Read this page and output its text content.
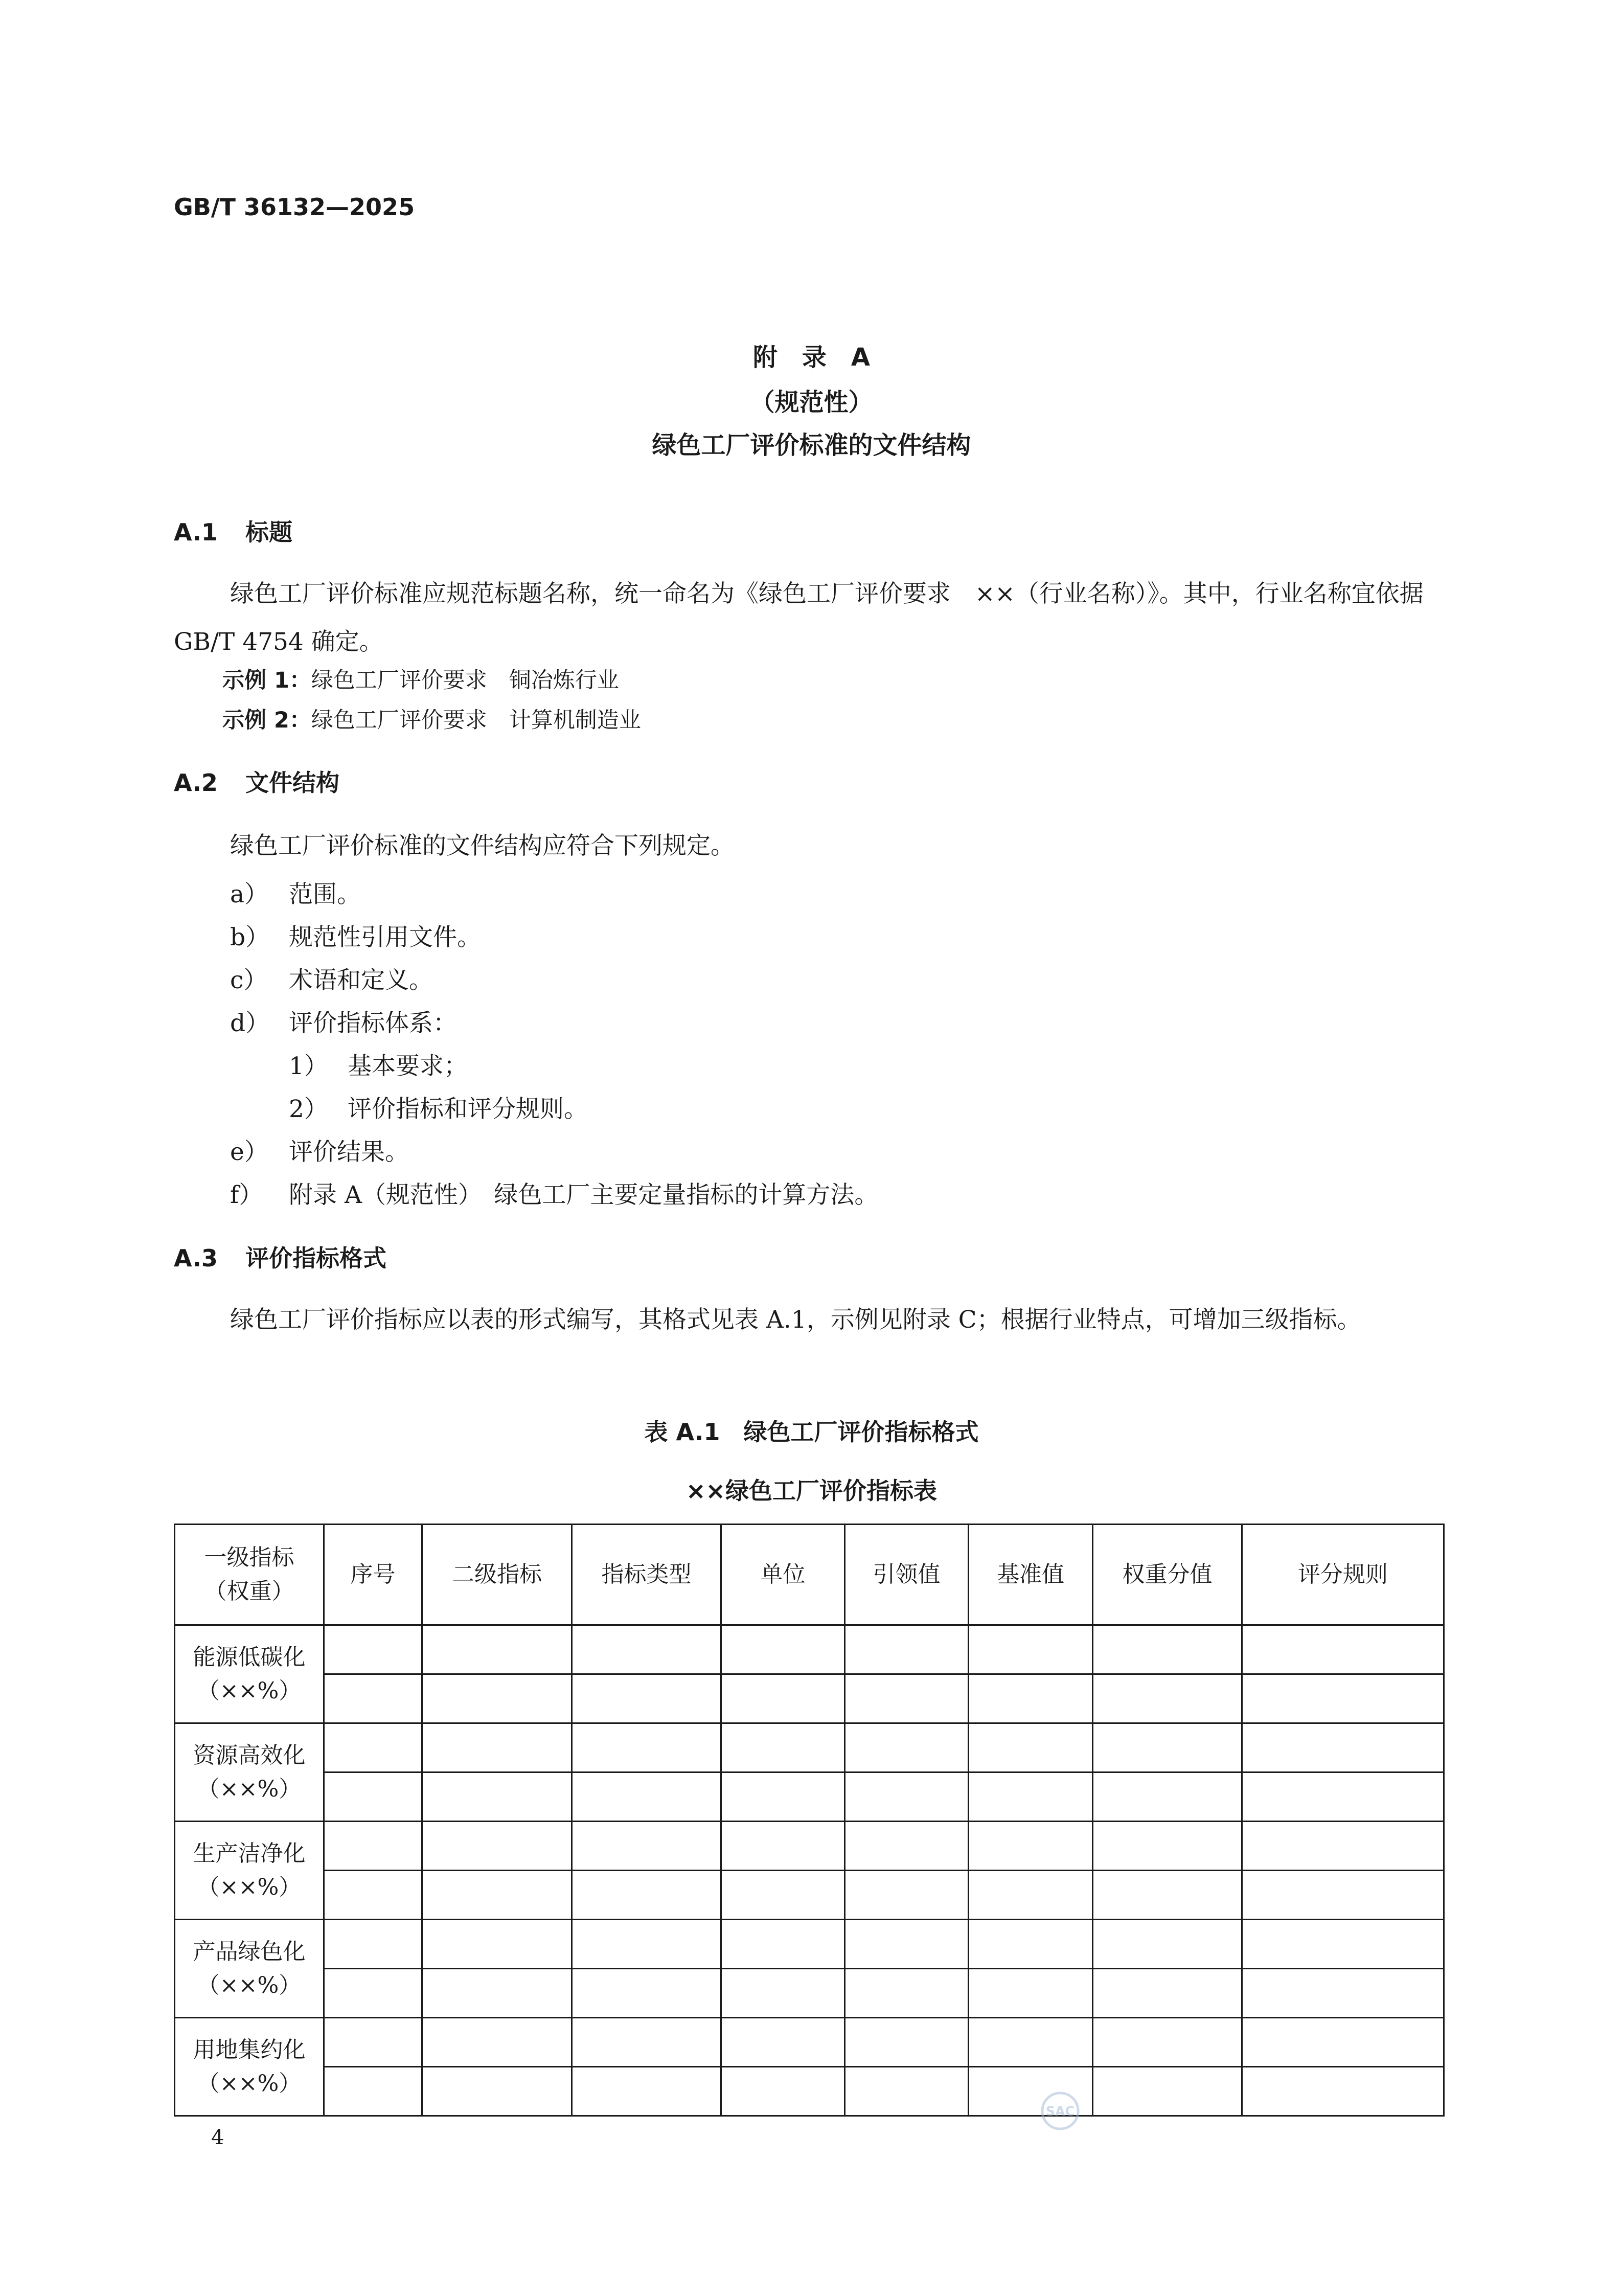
GB/T 36132—2025
附　录　A
（规范性）
绿色工厂评价标准的文件结构
A.1 标题
绿色工厂评价标准应规范标题名称，统一命名为《绿色工厂评价要求　××（行业名称）》。其中，行业名称宜依据 GB/T 4754 确定。
示例 1：绿色工厂评价要求　铜冶炼行业
示例 2：绿色工厂评价要求　计算机制造业
A.2 文件结构
绿色工厂评价标准的文件结构应符合下列规定。
a） 范围。
b） 规范性引用文件。
c） 术语和定义。
d） 评价指标体系：
1） 基本要求；
2） 评价指标和评分规则。
e） 评价结果。
f） 附录 A（规范性）　绿色工厂主要定量指标的计算方法。
A.3 评价指标格式
绿色工厂评价指标应以表的形式编写，其格式见表 A.1，示例见附录 C；根据行业特点，可增加三级指标。
表 A.1　绿色工厂评价指标格式
××绿色工厂评价指标表
一级指标
（权重）	序号	二级指标	指标类型	单位	引领值	基准值	权重分值	评分规则

能源低碳化
（××%）								

资源高效化
（××%）								

生产洁净化
（××%）								

产品绿色化
（××%）								

用地集约化
（××%）								

SAC
4
